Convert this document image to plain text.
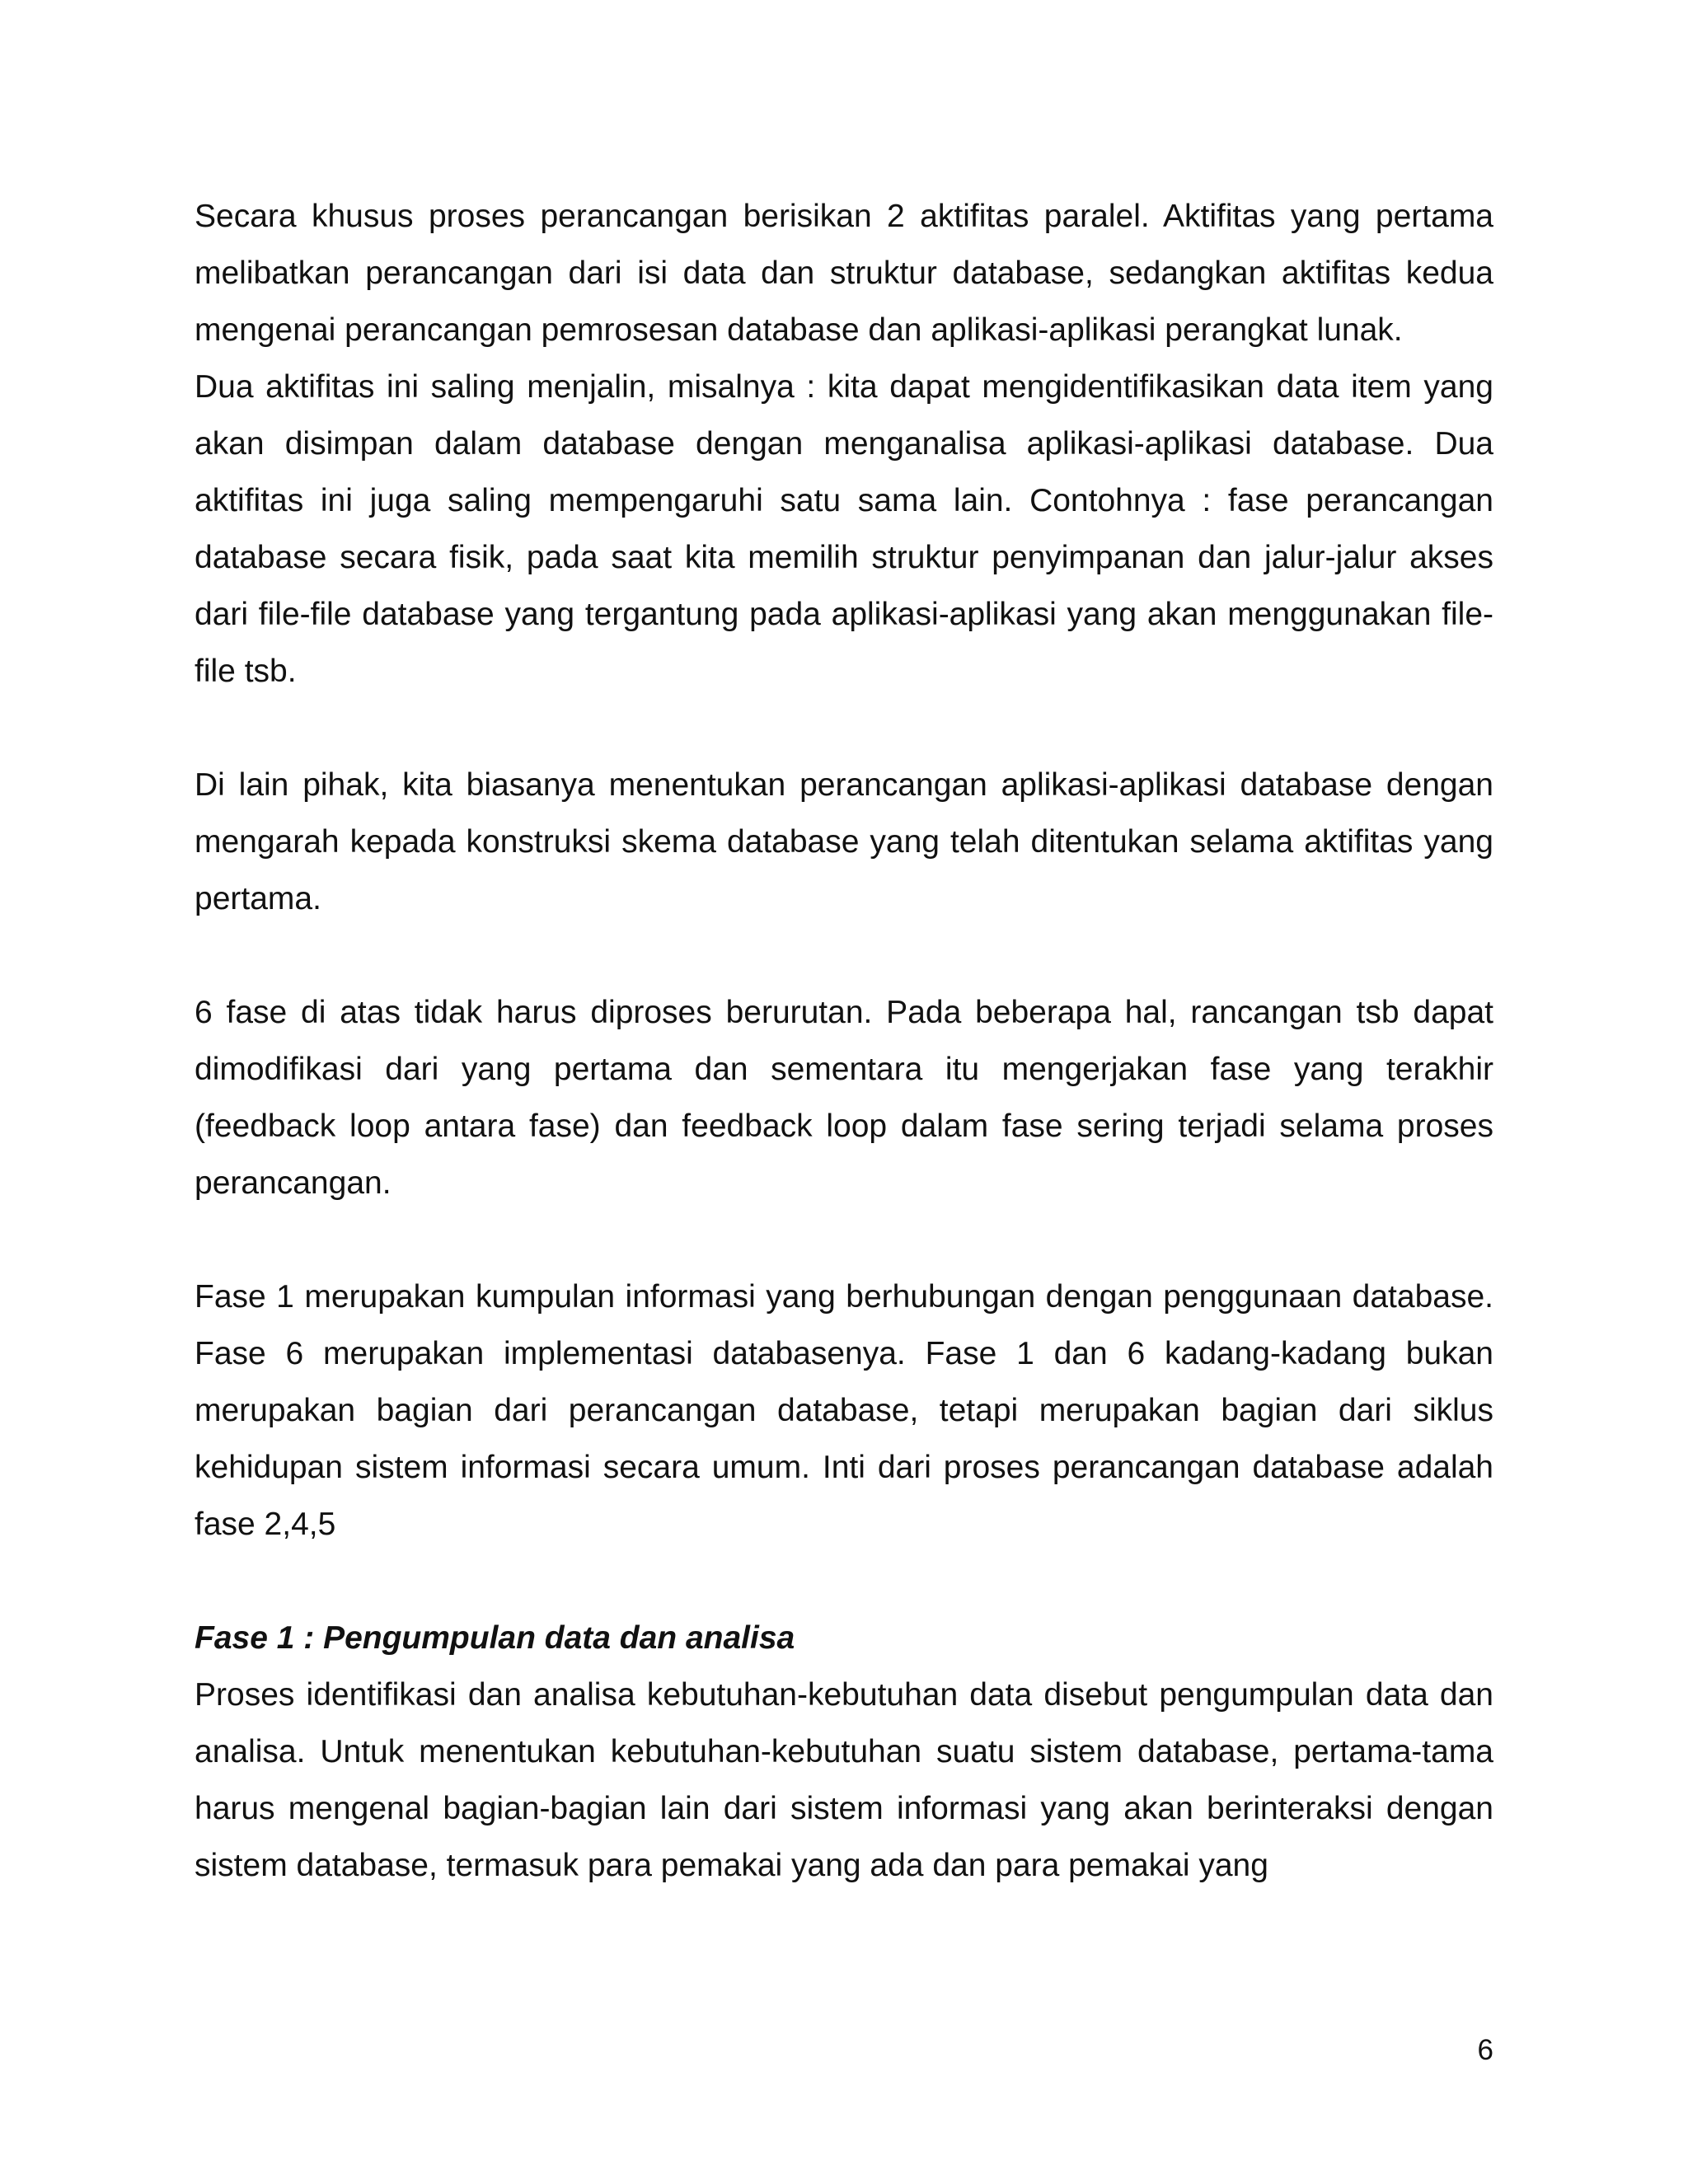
Secara khusus proses perancangan berisikan 2 aktifitas paralel. Aktifitas yang pertama melibatkan perancangan dari isi data dan struktur database, sedangkan aktifitas kedua mengenai perancangan pemrosesan database dan aplikasi-aplikasi perangkat lunak.

Dua aktifitas ini saling menjalin, misalnya : kita dapat mengidentifikasikan data item yang akan disimpan dalam database dengan menganalisa aplikasi-aplikasi database. Dua aktifitas ini juga saling mempengaruhi satu sama lain. Contohnya : fase perancangan database secara fisik, pada saat kita memilih struktur penyimpanan dan jalur-jalur akses dari file-file database yang tergantung pada aplikasi-aplikasi yang akan menggunakan file-file tsb.

Di lain pihak, kita biasanya menentukan perancangan aplikasi-aplikasi database dengan mengarah kepada konstruksi skema database yang telah ditentukan selama aktifitas yang pertama.

6 fase di atas tidak harus diproses berurutan. Pada beberapa hal, rancangan tsb dapat dimodifikasi dari yang pertama dan sementara itu mengerjakan fase yang terakhir (feedback loop antara fase) dan feedback loop dalam fase sering terjadi selama proses perancangan.

Fase 1 merupakan kumpulan informasi yang berhubungan dengan penggunaan database. Fase 6 merupakan implementasi databasenya. Fase 1 dan 6 kadang-kadang bukan merupakan bagian dari perancangan database, tetapi merupakan bagian dari siklus kehidupan sistem informasi secara umum. Inti dari proses perancangan database adalah fase 2,4,5

Fase 1 : Pengumpulan data dan analisa

Proses identifikasi dan analisa kebutuhan-kebutuhan data disebut pengumpulan data dan analisa. Untuk menentukan kebutuhan-kebutuhan suatu sistem database, pertama-tama harus mengenal bagian-bagian lain dari sistem informasi yang akan berinteraksi dengan sistem database, termasuk para pemakai yang ada dan para pemakai yang

6
